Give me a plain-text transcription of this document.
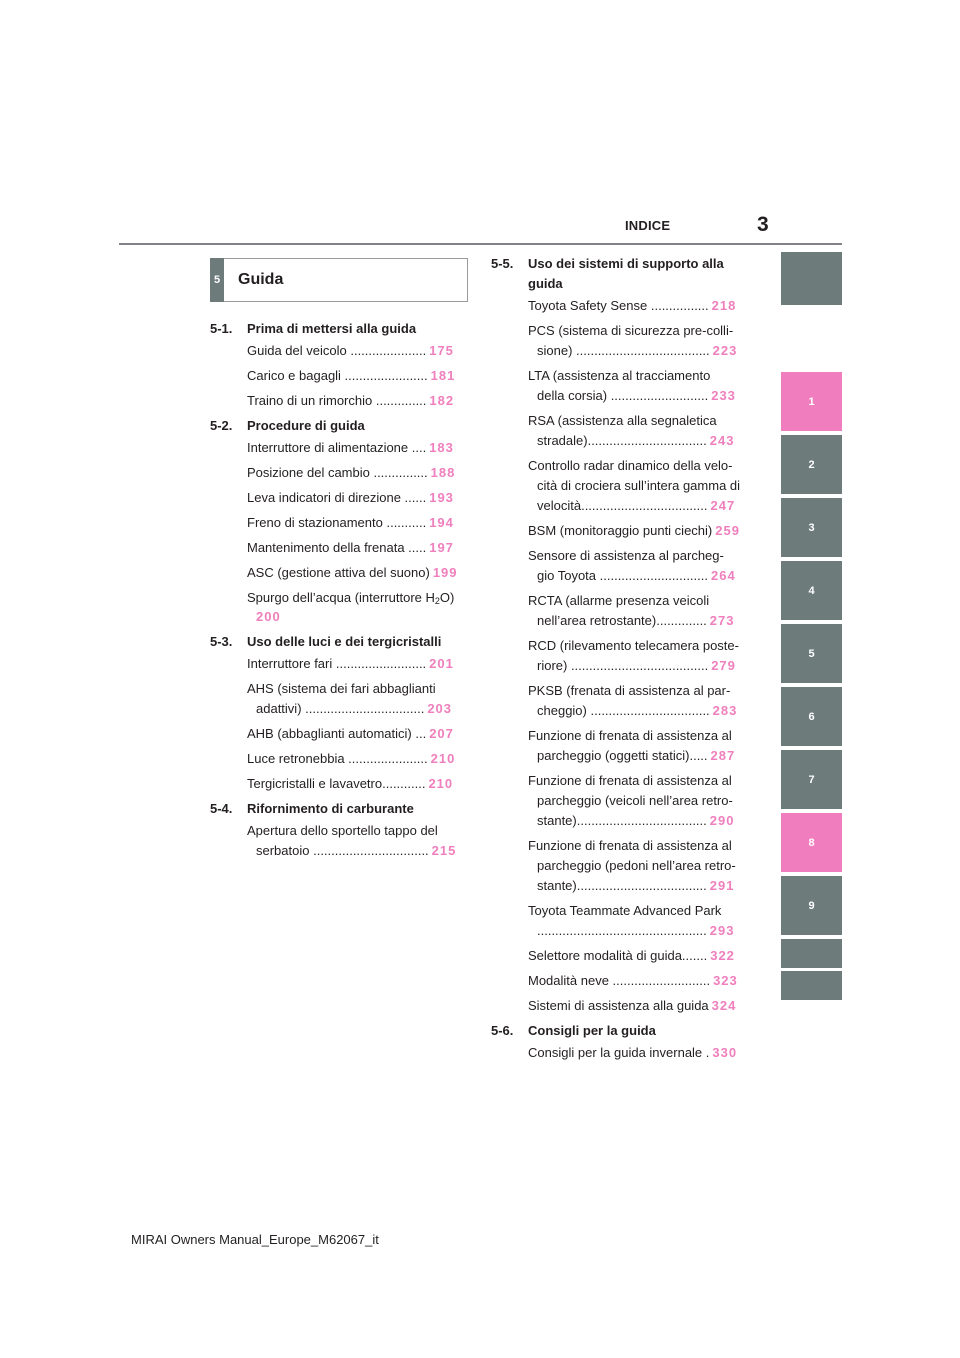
INDICE	3
5 Guida
5-1. Prima di mettersi alla guida
Guida del veicolo ..................... 175
Carico e bagagli ....................... 181
Traino di un rimorchio .............. 182
5-2. Procedure di guida
Interruttore di alimentazione .... 183
Posizione del cambio ............... 188
Leva indicatori di direzione ...... 193
Freno di stazionamento ........... 194
Mantenimento della frenata ..... 197
ASC (gestione attiva del suono) 199
Spurgo dell’acqua (interruttore $H_2O$)
200
5-3. Uso delle luci e dei tergicristalli
Interruttore fari ......................... 201
AHS (sistema dei fari abbaglianti
adattivi) ................................. 203
AHB (abbaglianti automatici) ... 207
Luce retronebbia ...................... 210
Tergicristalli e lavavetro............ 210
5-4. Rifornimento di carburante
Apertura dello sportello tappo del
serbatoio ................................ 215
5-5. Uso dei sistemi di supporto alla
guida
Toyota Safety Sense ................ 218
PCS (sistema di sicurezza pre-colli-
sione) ..................................... 223
LTA (assistenza al tracciamento
della corsia) ........................... 233
RSA (assistenza alla segnaletica
stradale)................................. 243
Controllo radar dinamico della velo-
cità di crociera sull’intera gamma di
velocità................................... 247
BSM (monitoraggio punti ciechi) 259
Sensore di assistenza al parcheg-
gio Toyota .............................. 264
RCTA (allarme presenza veicoli
nell’area retrostante).............. 273
RCD (rilevamento telecamera poste-
riore) ...................................... 279
PKSB (frenata di assistenza al par-
cheggio) ................................. 283
Funzione di frenata di assistenza al
parcheggio (oggetti statici)..... 287
Funzione di frenata di assistenza al
parcheggio (veicoli nell’area retro-
stante).................................... 290
Funzione di frenata di assistenza al
parcheggio (pedoni nell’area retro-
stante).................................... 291
Toyota Teammate Advanced Park
............................................... 293
Selettore modalità di guida....... 322
Modalità neve ........................... 323
Sistemi di assistenza alla guida 324
5-6. Consigli per la guida
Consigli per la guida invernale . 330
1
2
3
4
5
6
7
8
9
MIRAI Owners Manual_Europe_M62067_it
